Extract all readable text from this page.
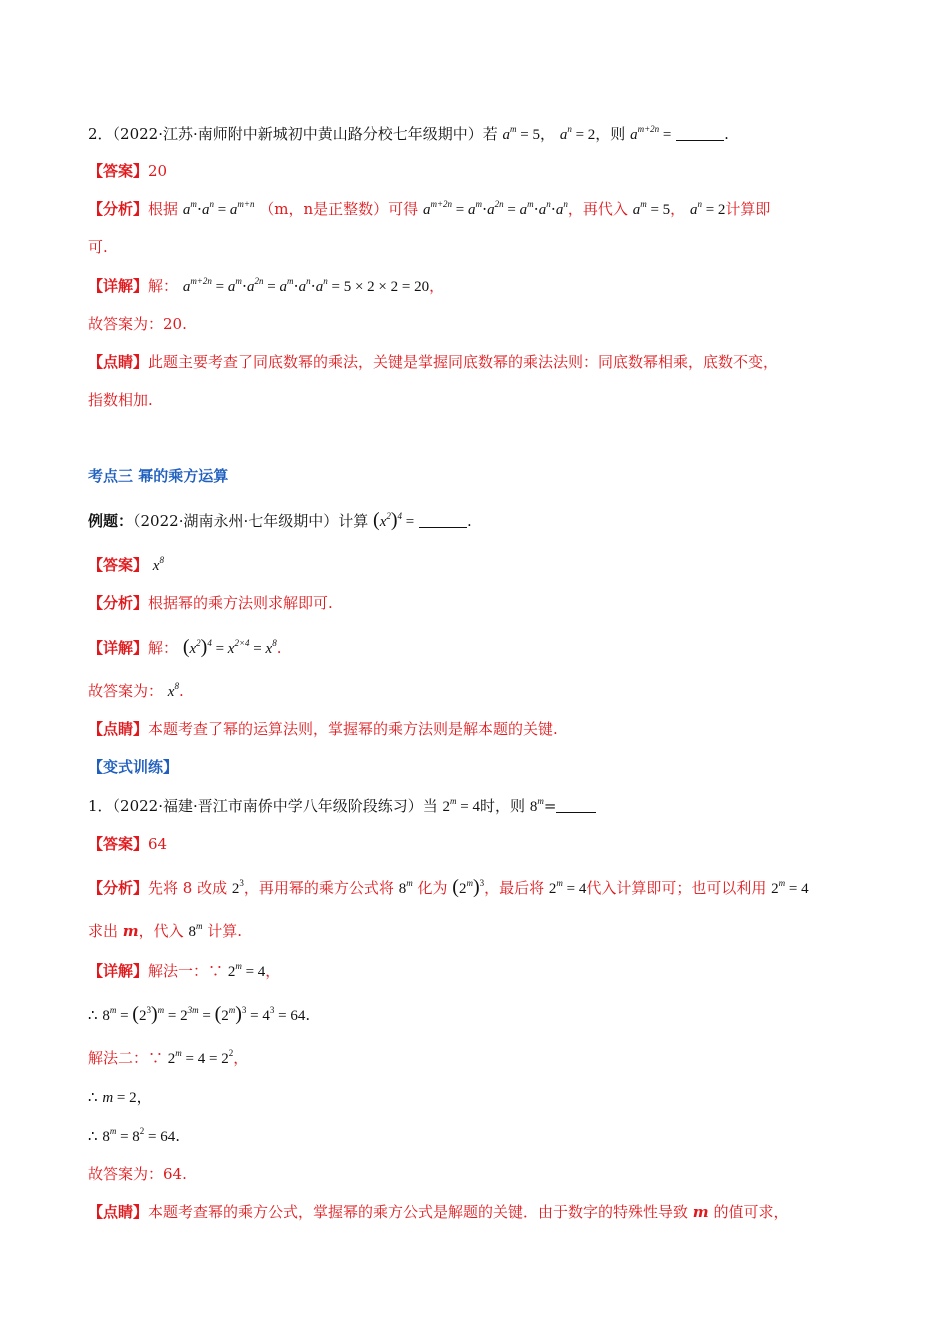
2．（2022·江苏·南师附中新城初中黄山路分校七年级期中）若 $a^m = 5$， $a^n = 2$，则 $a^{m+2n}$ =	.
【答案】20
【分析】根据 $a^m\cdot a^n = a^{m+n}$ （m，n是正整数）可得 $a^{m+2n} = a^m\cdot a^{2n} = a^m\cdot a^n\cdot a^n$，再代入 $a^m = 5$， $a^n = 2$计算即
可.
【详解】解： $a^{m+2n} = a^m\cdot a^{2n} = a^m\cdot a^n\cdot a^n = 5 \times 2 \times 2 = 20$，
故答案为：20.
【点睛】此题主要考查了同底数幂的乘法，关键是掌握同底数幂的乘法法则：同底数幂相乘，底数不变，
指数相加.
考点三 幂的乘方运算
例题：（2022·湖南永州·七年级期中）计算 $(x^2)^4$ =	.
【答案】 $x^8$
【分析】根据幂的乘方法则求解即可.
【详解】解： $(x^2)^4 = x^{2\times 4} = x^8$.
故答案为： $x^8$.
【点睛】本题考查了幂的运算法则，掌握幂的乘方法则是解本题的关键.
【变式训练】
1．（2022·福建·晋江市南侨中学八年级阶段练习）当 $2^m = 4$时，则 $8^m=$
【答案】64
【分析】先将 8 改成 $2^3$，再用幂的乘方公式将 8$^m$ 化为 $(2^m)^3$，最后将 $2^m = 4$代入计算即可；也可以利用 $2^m = 4$
求出 m，代入 8$^m$ 计算.
【详解】解法一：∵ $2^m = 4$，
∴ $8^m = (2^3)^m = 2^{3m} = (2^m)^3 = 4^3 = 64$.
解法二：∵ $2^m = 4 = 2^2$，
∴ m = 2，
∴ $8^m = 8^2 = 64$.
故答案为：64.
【点睛】本题考查幂的乘方公式，掌握幂的乘方公式是解题的关键．由于数字的特殊性导致 m 的值可求，
